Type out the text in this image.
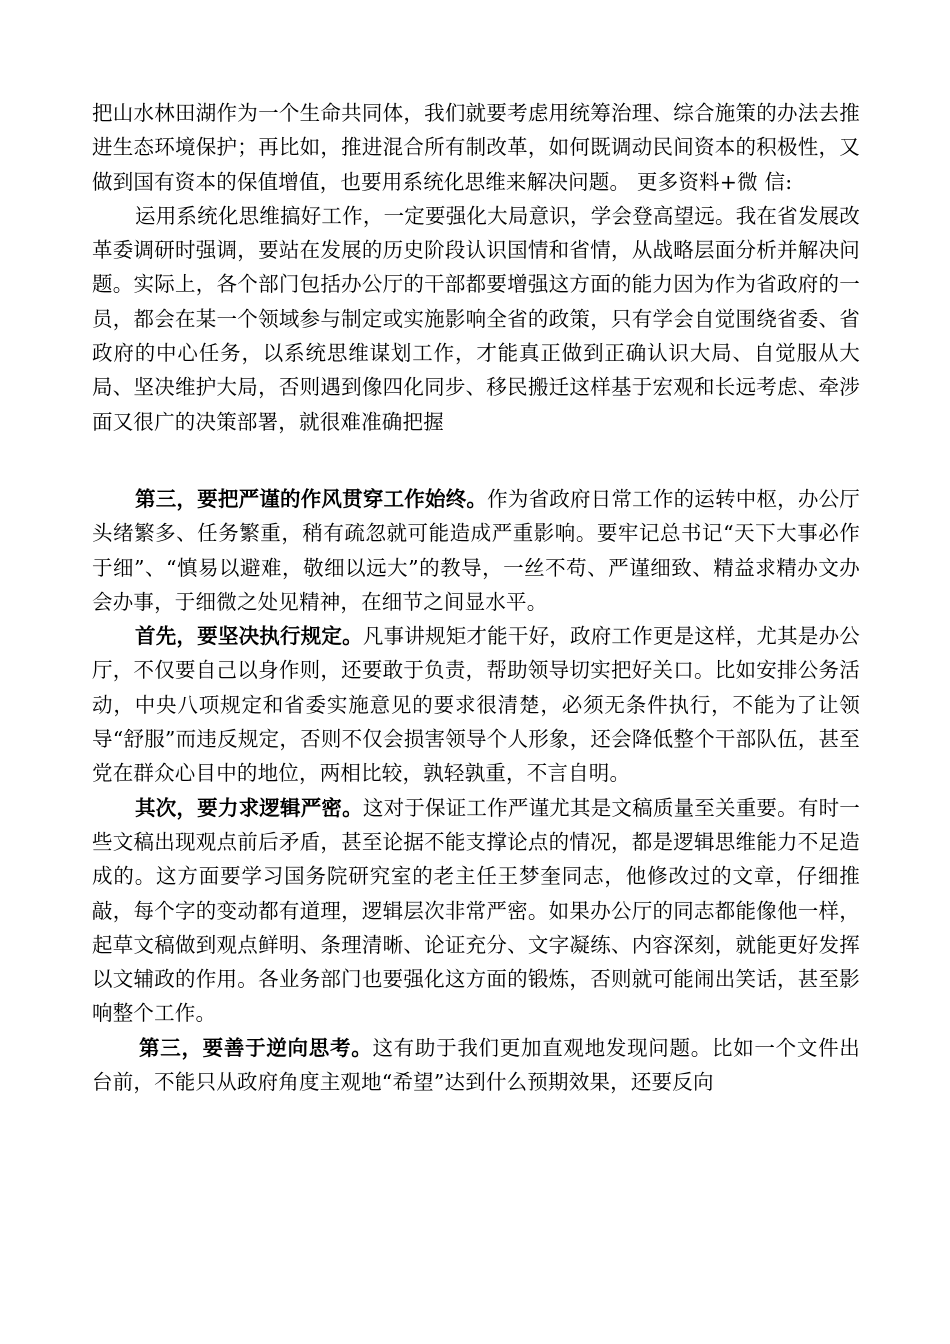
把山水林田湖作为一个生命共同体，我们就要考虑用统筹治理、综合施策的办法去推进生态环境保护；再比如，推进混合所有制改革，如何既调动民间资本的积极性，又做到国有资本的保值增值，也要用系统化思维来解决问题。 更多资料+微 信:

运用系统化思维搞好工作，一定要强化大局意识，学会登高望远。我在省发展改革委调研时强调，要站在发展的历史阶段认识国情和省情，从战略层面分析并解决问题。实际上，各个部门包括办公厅的干部都要增强这方面的能力因为作为省政府的一员，都会在某一个领域参与制定或实施影响全省的政策，只有学会自觉围绕省委、省政府的中心任务，以系统思维谋划工作，才能真正做到正确认识大局、自觉服从大局、坚决维护大局，否则遇到像四化同步、移民搬迁这样基于宏观和长远考虑、牵涉面又很广的决策部署，就很难准确把握

第三，要把严谨的作风贯穿工作始终。作为省政府日常工作的运转中枢，办公厅头绪繁多、任务繁重，稍有疏忽就可能造成严重影响。要牢记总书记“天下大事必作于细”、“慎易以避难，敬细以远大”的教导，一丝不苟、严谨细致、精益求精办文办会办事，于细微之处见精神，在细节之间显水平。

首先，要坚决执行规定。凡事讲规矩才能干好，政府工作更是这样，尤其是办公厅，不仅要自己以身作则，还要敢于负责，帮助领导切实把好关口。比如安排公务活动，中央八项规定和省委实施意见的要求很清楚，必须无条件执行，不能为了让领导“舒服”而违反规定，否则不仅会损害领导个人形象，还会降低整个干部队伍，甚至党在群众心目中的地位，两相比较，孰轻孰重，不言自明。

其次，要力求逻辑严密。这对于保证工作严谨尤其是文稿质量至关重要。有时一些文稿出现观点前后矛盾，甚至论据不能支撑论点的情况，都是逻辑思维能力不足造成的。这方面要学习国务院研究室的老主任王梦奎同志，他修改过的文章，仔细推敲，每个字的变动都有道理，逻辑层次非常严密。如果办公厅的同志都能像他一样，起草文稿做到观点鲜明、条理清晰、论证充分、文字凝练、内容深刻，就能更好发挥以文辅政的作用。各业务部门也要强化这方面的锻炼，否则就可能闹出笑话，甚至影响整个工作。

第三，要善于逆向思考。这有助于我们更加直观地发现问题。比如一个文件出台前，不能只从政府角度主观地“希望”达到什么预期效果，还要反向
